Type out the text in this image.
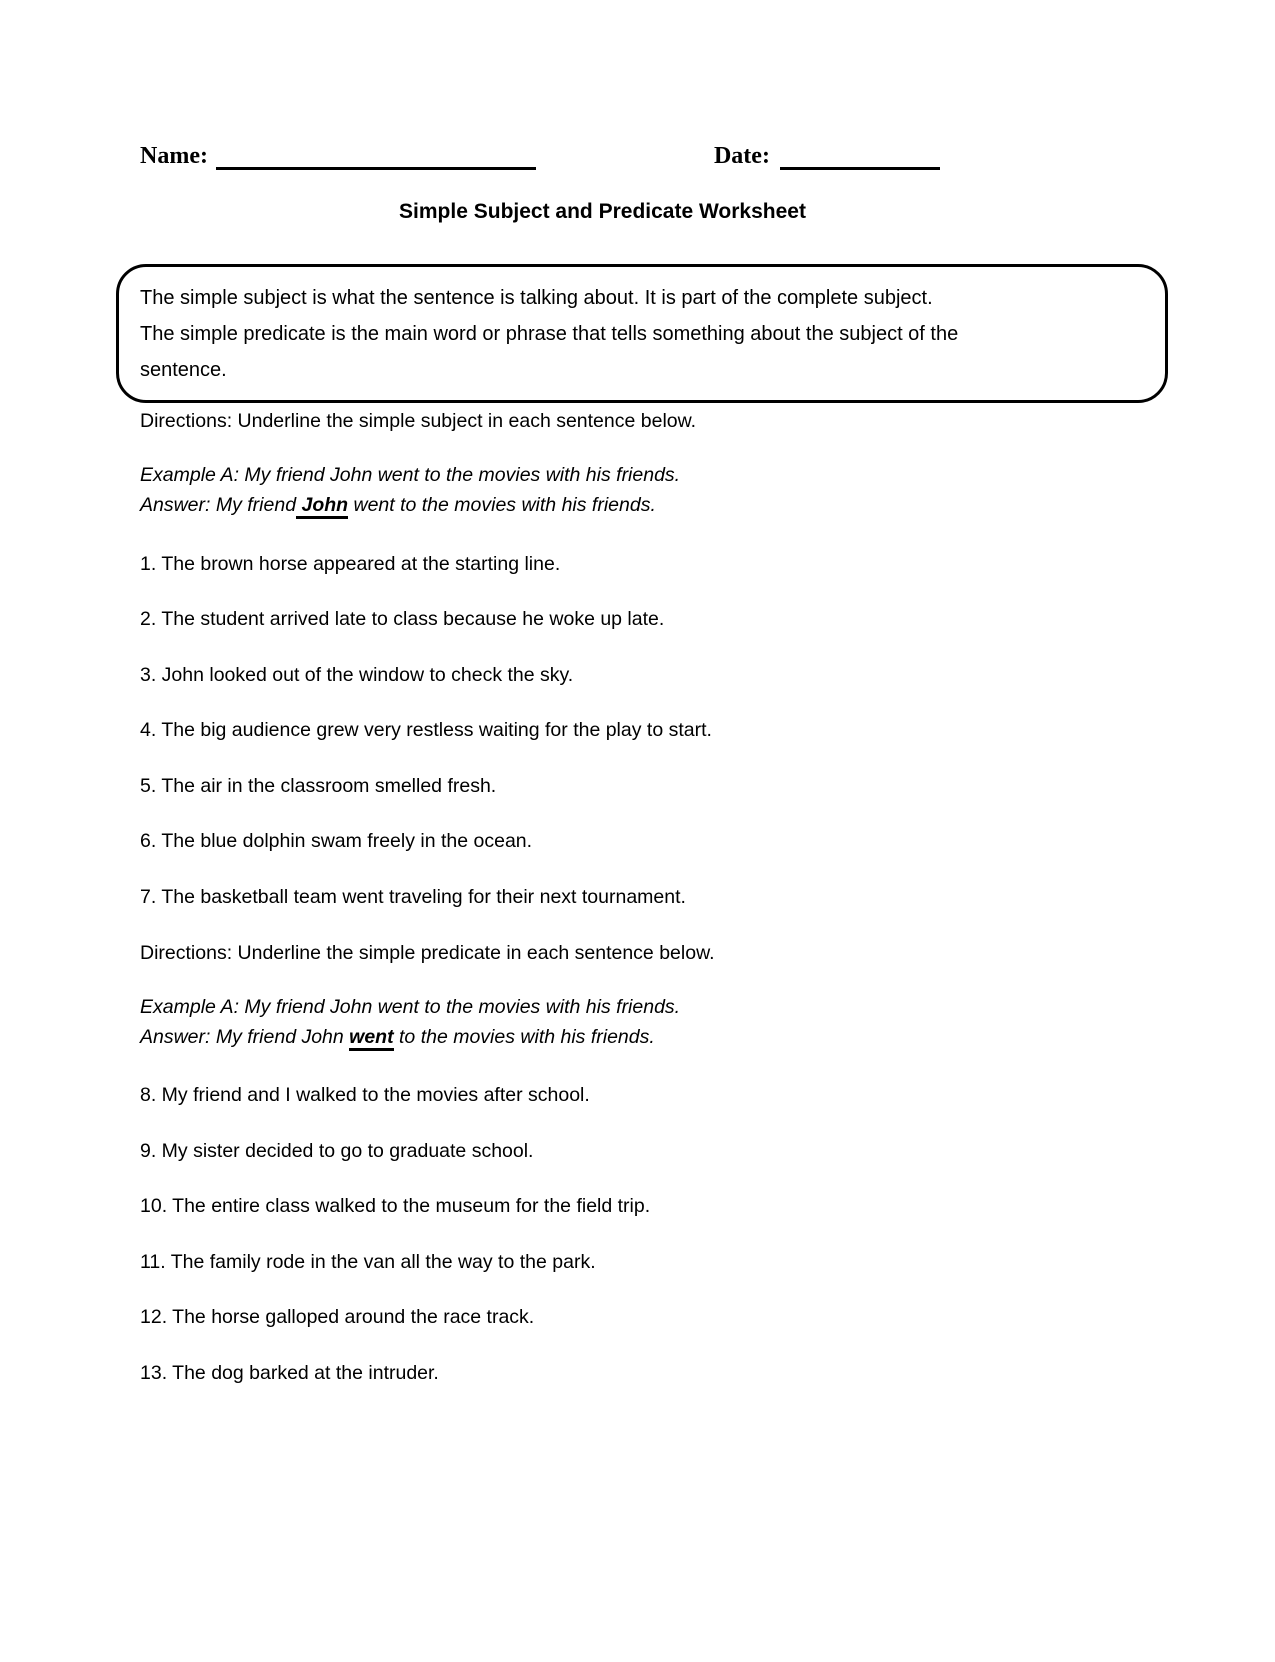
Name:	Date:
Simple Subject and Predicate Worksheet
The simple subject is what the sentence is talking about. It is part of the complete subject.
The simple predicate is the main word or phrase that tells something about the subject of the
sentence.

Directions: Underline the simple subject in each sentence below.

Example A: My friend John went to the movies with his friends.
Answer: My friend John went to the movies with his friends.

1. The brown horse appeared at the starting line.

2. The student arrived late to class because he woke up late.

3. John looked out of the window to check the sky.

4. The big audience grew very restless waiting for the play to start.

5. The air in the classroom smelled fresh.

6. The blue dolphin swam freely in the ocean.

7. The basketball team went traveling for their next tournament.

Directions: Underline the simple predicate in each sentence below.

Example A: My friend John went to the movies with his friends.
Answer: My friend John went to the movies with his friends.

8. My friend and I walked to the movies after school.

9. My sister decided to go to graduate school.

10. The entire class walked to the museum for the field trip.

11. The family rode in the van all the way to the park.

12. The horse galloped around the race track.

13. The dog barked at the intruder.
